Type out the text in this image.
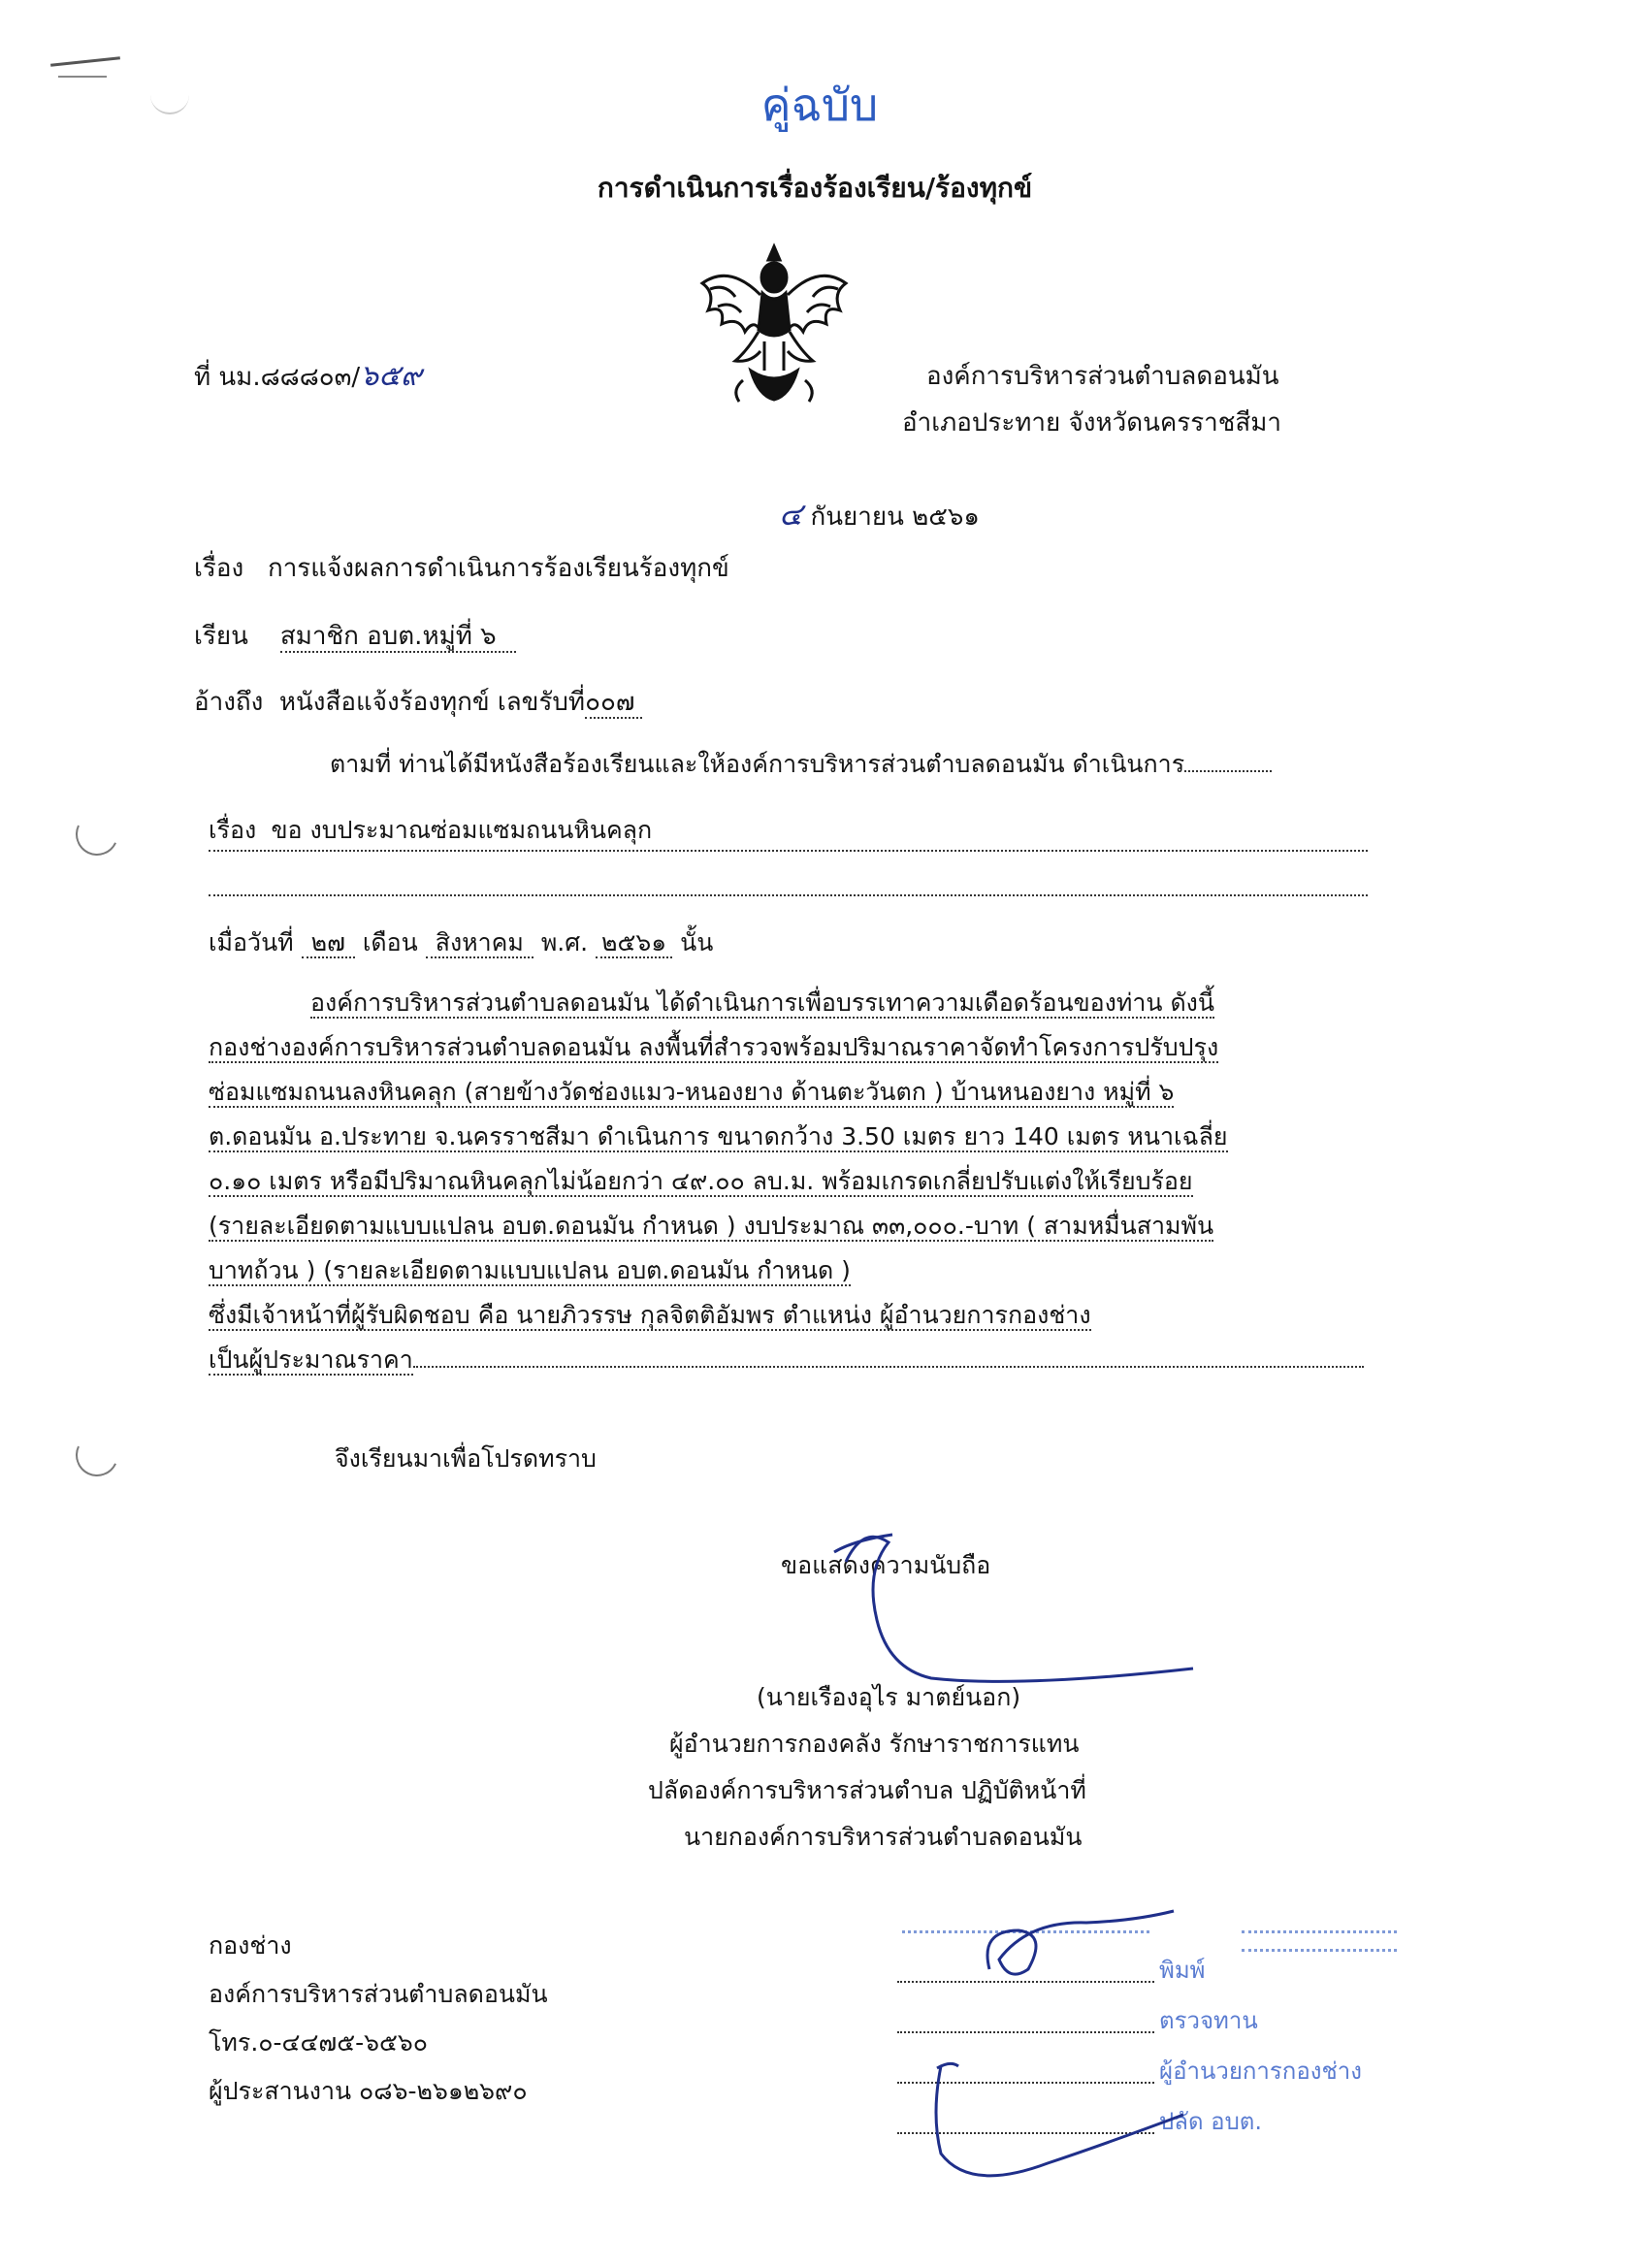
คู่ฉบับ
การดำเนินการเรื่องร้องเรียน/ร้องทุกข์
ที่ นม.๘๘๘๐๓/๖๕๙	องค์การบริหารส่วนตำบลดอนมัน
อำเภอประทาย จังหวัดนครราชสีมา
๔ กันยายน ๒๕๖๑
เรื่อง การแจ้งผลการดำเนินการร้องเรียนร้องทุกข์
เรียน สมาชิก อบต.หมู่ที่ ๖
อ้างถึง หนังสือแจ้งร้องทุกข์ เลขรับที่๐๐๗
ตามที่ ท่านได้มีหนังสือร้องเรียนและให้องค์การบริหารส่วนตำบลดอนมัน ดำเนินการ
เรื่อง ขอ งบประมาณซ่อมแซมถนนหินคลุก
เมื่อวันที่ ๒๗ เดือน สิงหาคม พ.ศ. ๒๕๖๑ นั้น
องค์การบริหารส่วนตำบลดอนมัน ได้ดำเนินการเพื่อบรรเทาความเดือดร้อนของท่าน ดังนี้
กองช่างองค์การบริหารส่วนตำบลดอนมัน ลงพื้นที่สำรวจพร้อมปริมาณราคาจัดทำโครงการปรับปรุง
ซ่อมแซมถนนลงหินคลุก (สายข้างวัดช่องแมว-หนองยาง ด้านตะวันตก ) บ้านหนองยาง หมู่ที่ ๖
ต.ดอนมัน อ.ประทาย จ.นครราชสีมา ดำเนินการ ขนาดกว้าง 3.50 เมตร ยาว 140 เมตร หนาเฉลี่ย
๐.๑๐ เมตร หรือมีปริมาณหินคลุกไม่น้อยกว่า ๔๙.๐๐ ลบ.ม. พร้อมเกรดเกลี่ยปรับแต่งให้เรียบร้อย
(รายละเอียดตามแบบแปลน อบต.ดอนมัน กำหนด ) งบประมาณ ๓๓,๐๐๐.-บาท ( สามหมื่นสามพัน
บาทถ้วน ) (รายละเอียดตามแบบแปลน อบต.ดอนมัน กำหนด )
ซึ่งมีเจ้าหน้าที่ผู้รับผิดชอบ คือ นายภิวรรษ กุลจิตติอัมพร ตำแหน่ง ผู้อำนวยการกองช่าง
เป็นผู้ประมาณราคา
จึงเรียนมาเพื่อโปรดทราบ
ขอแสดงความนับถือ
(นายเรืองอุไร มาตย์นอก)
ผู้อำนวยการกองคลัง รักษาราชการแทน
ปลัดองค์การบริหารส่วนตำบล ปฏิบัติหน้าที่
นายกองค์การบริหารส่วนตำบลดอนมัน
กองช่าง
องค์การบริหารส่วนตำบลดอนมัน
โทร.๐-๔๔๗๕-๖๕๖๐
ผู้ประสานงาน ๐๘๖-๒๖๑๒๖๙๐
พิมพ์
ตรวจทาน
ผู้อำนวยการกองช่าง
ปลัด อบต.
